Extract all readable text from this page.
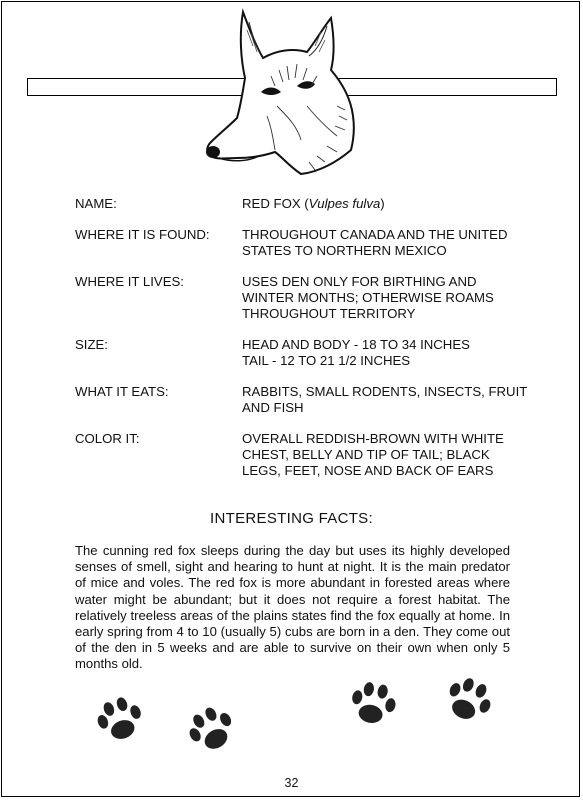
NAME:	RED FOX (Vulpes fulva)
WHERE IT IS FOUND:	THROUGHOUT CANADA AND THE UNITED STATES TO NORTHERN MEXICO
WHERE IT LIVES:	USES DEN ONLY FOR BIRTHING AND WINTER MONTHS; OTHERWISE ROAMS THROUGHOUT TERRITORY
SIZE:	HEAD AND BODY - 18 TO 34 INCHES
TAIL - 12 TO 21 1/2 INCHES
WHAT IT EATS:	RABBITS, SMALL RODENTS, INSECTS, FRUIT AND FISH
COLOR IT:	OVERALL REDDISH-BROWN WITH WHITE CHEST, BELLY AND TIP OF TAIL; BLACK LEGS, FEET, NOSE AND BACK OF EARS
INTERESTING FACTS:
The cunning red fox sleeps during the day but uses its highly developed senses of smell, sight and hearing to hunt at night. It is the main predator of mice and voles. The red fox is more abundant in forested areas where water might be abundant; but it does not require a forest habitat. The relatively treeless areas of the plains states find the fox equally at home. In early spring from 4 to 10 (usually 5) cubs are born in a den. They come out of the den in 5 weeks and are able to survive on their own when only 5 months old.
32
